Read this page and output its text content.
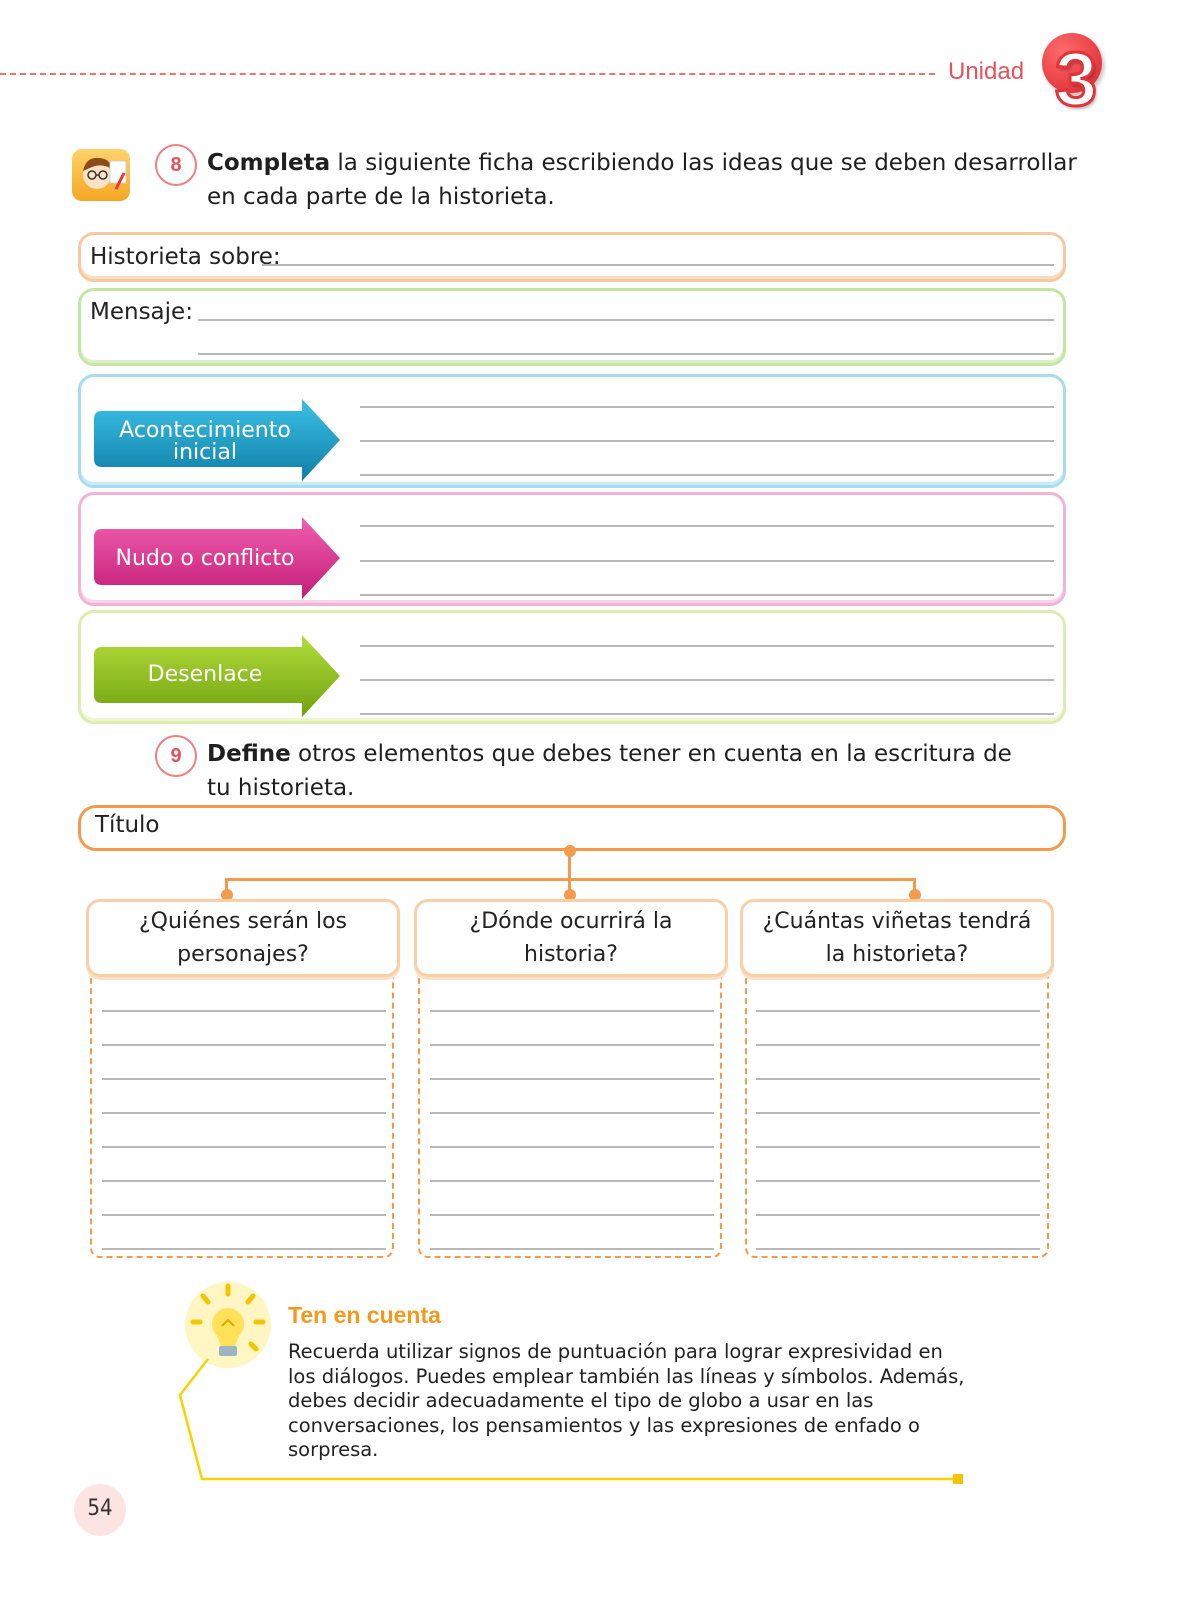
Unidad 3
8	Completa la siguiente ficha escribiendo las ideas que se deben desarrollar en cada parte de la historieta.
Historieta sobre:
Mensaje:
Acontecimiento
inicial
Nudo o conflicto
Desenlace
9	Define otros elementos que debes tener en cuenta en la escritura de tu historieta.
Título
¿Quiénes serán los
personajes?
¿Dónde ocurrirá la
historia?
¿Cuántas viñetas tendrá
la historieta?
Ten en cuenta
Recuerda utilizar signos de puntuación para lograr expresividad en los diálogos. Puedes emplear también las líneas y símbolos. Además, debes decidir adecuadamente el tipo de globo a usar en las conversaciones, los pensamientos y las expresiones de enfado o sorpresa.
54
